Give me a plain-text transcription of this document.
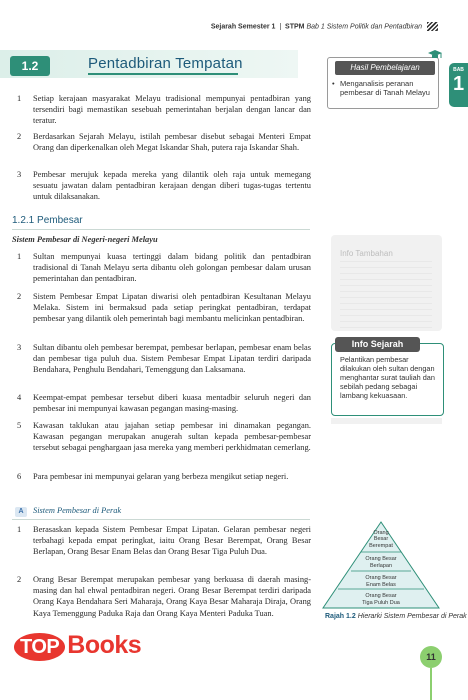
Sejarah Semester 1  |  STPM Bab 1 Sistem Politik dan Pentadbiran
1.2	Pentadbiran Tempatan	Hasil Pembelajaran
• Menganalisis peranan pembesar di Tanah Melayu
BAB
1
1 Setiap kerajaan masyarakat Melayu tradisional mempunyai pentadbiran yang tersendiri bagi memastikan sesebuah pemerintahan berjalan dengan lancar dan teratur.
2 Berdasarkan Sejarah Melayu, istilah pembesar disebut sebagai Menteri Empat Orang dan diperkenalkan oleh Megat Iskandar Shah, putera raja Iskandar Shah.
3 Pembesar merujuk kepada mereka yang dilantik oleh raja untuk memegang sesuatu jawatan dalam pentadbiran kerajaan dengan diberi tugas-tugas tertentu untuk dilaksanakan.
1.2.1 Pembesar
Sistem Pembesar di Negeri-negeri Melayu
1 Sultan mempunyai kuasa tertinggi dalam bidang politik dan pentadbiran tradisional di Tanah Melayu serta dibantu oleh golongan pembesar dalam urusan pemerintahan dan pentadbiran.
2 Sistem Pembesar Empat Lipatan diwarisi oleh pentadbiran Kesultanan Melayu Melaka. Sistem ini bermaksud pada setiap peringkat pentadbiran, terdapat pembesar yang dilantik oleh pemerintah bagi membantu melicinkan pentadbiran.
3 Sultan dibantu oleh pembesar berempat, pembesar berlapan, pembesar enam belas dan pembesar tiga puluh dua. Sistem Pembesar Empat Lipatan terdiri daripada Bendahara, Penghulu Bendahari, Temenggung dan Laksamana.
4 Keempat-empat pembesar tersebut diberi kuasa mentadbir seluruh negeri dan pembesar ini mempunyai kawasan pegangan masing-masing.
5 Kawasan taklukan atau jajahan setiap pembesar ini dinamakan pegangan. Kawasan pegangan merupakan anugerah sultan kepada pembesar-pembesar tersebut sebagai penghargaan jasa mereka yang memberi perkhidmatan cemerlang.
6 Para pembesar ini mempunyai gelaran yang berbeza mengikut setiap negeri.
Info Tambahan
Info Sejarah
Pelantikan pembesar dilakukan oleh sultan dengan menghantar surat tauliah dan sebilah pedang sebagai lambang kekuasaan.
A	Sistem Pembesar di Perak
1 Berasaskan kepada Sistem Pembesar Empat Lipatan. Gelaran pembesar negeri terbahagi kepada empat peringkat, iaitu Orang Besar Berempat, Orang Besar Berlapan, Orang Besar Enam Belas dan Orang Besar Tiga Puluh Dua.
2 Orang Besar Berempat merupakan pembesar yang berkuasa di daerah masing-masing dan hal ehwal pentadbiran negeri. Orang Besar Berempat terdiri daripada Orang Kaya Bendahara Seri Maharaja, Orang Kaya Besar Maharaja Diraja, Orang Kaya Temenggung Paduka Raja dan Orang Kaya Menteri Paduka Tuan.
Orang
Besar
Berempat
Orang Besar
Berlapan
Orang Besar
Enam Belas
Orang Besar
Tiga Puluh Dua
Rajah 1.2 Hierarki Sistem Pembesar di Perak
11
TOP Books
